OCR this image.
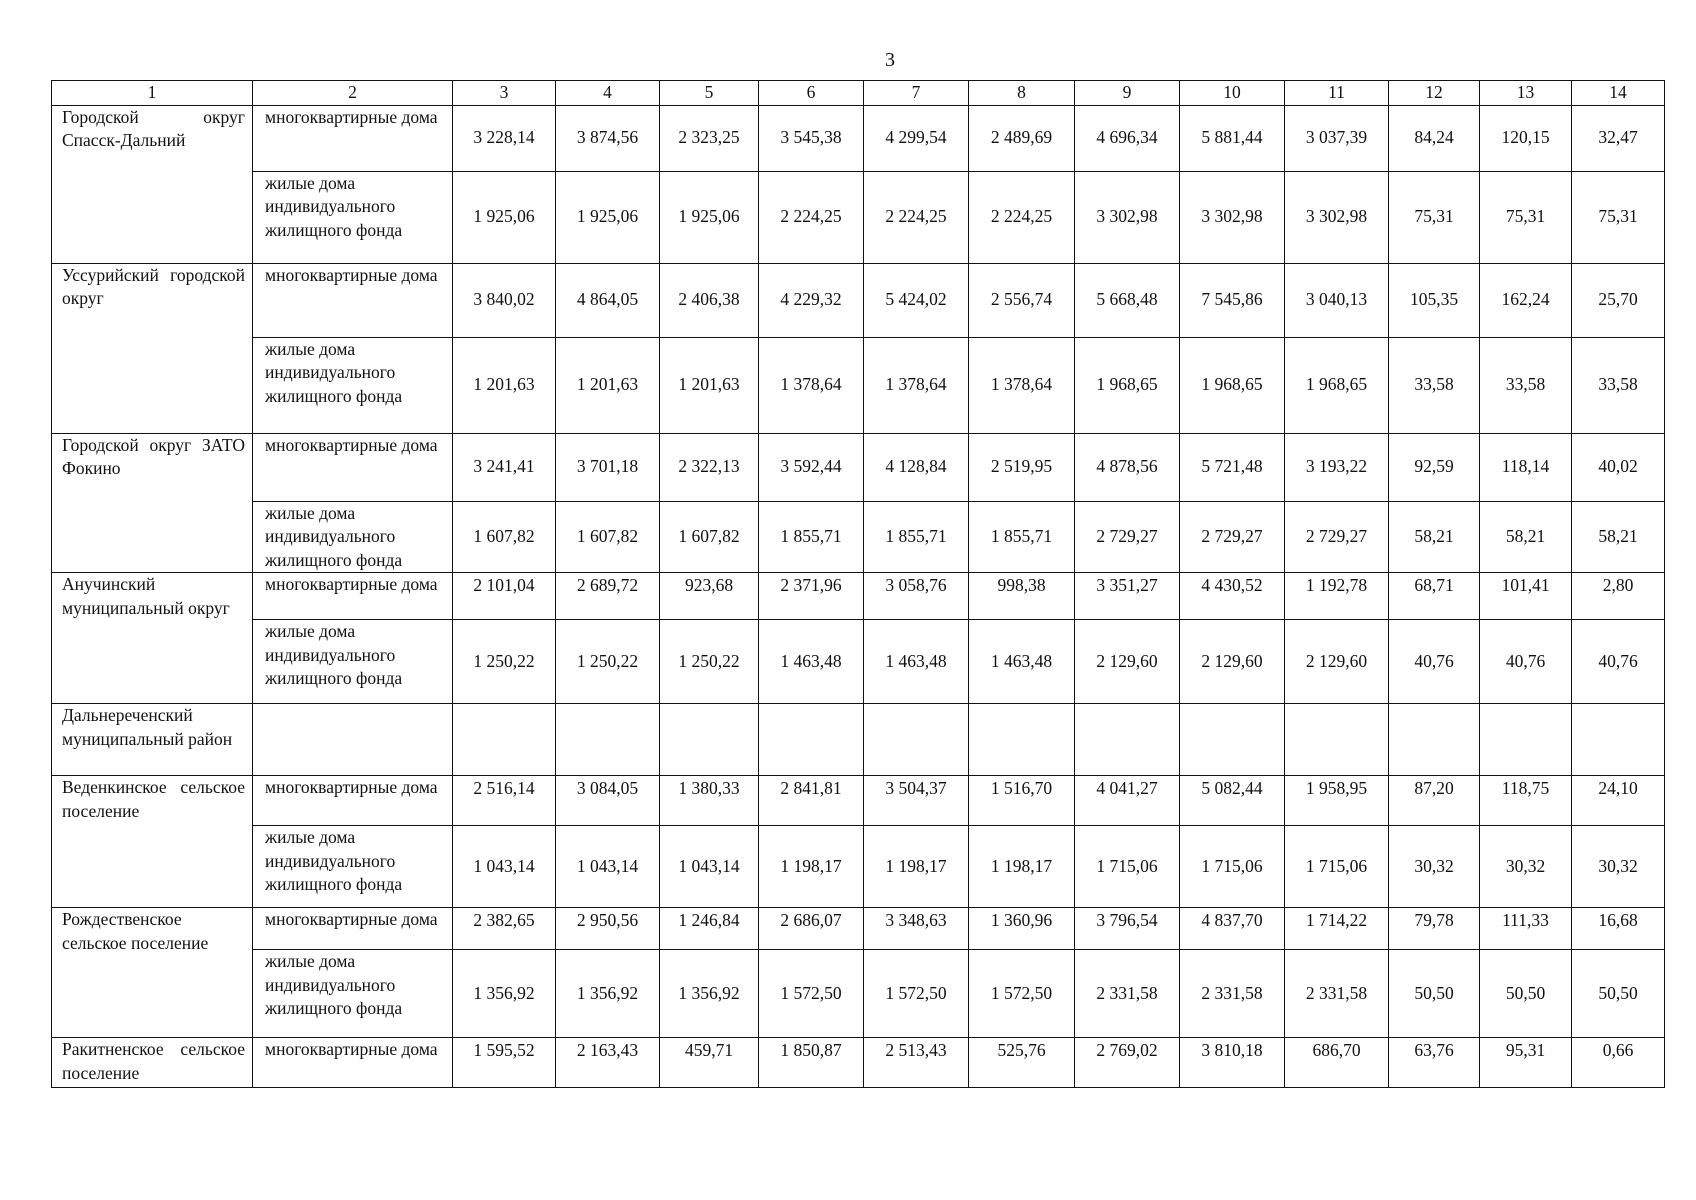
3
1	2	3	4	5	6	7	8	9	10	11	12	13	14
Городской округ Спасск-Дальний	многоквартирные дома	3 228,14	3 874,56	2 323,25	3 545,38	4 299,54	2 489,69	4 696,34	5 881,44	3 037,39	84,24	120,15	32,47
	жилые дома индивидуального жилищного фонда	1 925,06	1 925,06	1 925,06	2 224,25	2 224,25	2 224,25	3 302,98	3 302,98	3 302,98	75,31	75,31	75,31
Уссурийский городской округ	многоквартирные дома	3 840,02	4 864,05	2 406,38	4 229,32	5 424,02	2 556,74	5 668,48	7 545,86	3 040,13	105,35	162,24	25,70
	жилые дома индивидуального жилищного фонда	1 201,63	1 201,63	1 201,63	1 378,64	1 378,64	1 378,64	1 968,65	1 968,65	1 968,65	33,58	33,58	33,58
Городской округ ЗАТО Фокино	многоквартирные дома	3 241,41	3 701,18	2 322,13	3 592,44	4 128,84	2 519,95	4 878,56	5 721,48	3 193,22	92,59	118,14	40,02
	жилые дома индивидуального жилищного фонда	1 607,82	1 607,82	1 607,82	1 855,71	1 855,71	1 855,71	2 729,27	2 729,27	2 729,27	58,21	58,21	58,21
Анучинский муниципальный округ	многоквартирные дома	2 101,04	2 689,72	923,68	2 371,96	3 058,76	998,38	3 351,27	4 430,52	1 192,78	68,71	101,41	2,80
	жилые дома индивидуального жилищного фонда	1 250,22	1 250,22	1 250,22	1 463,48	1 463,48	1 463,48	2 129,60	2 129,60	2 129,60	40,76	40,76	40,76
Дальнереченский муниципальный район													
Веденкинское сельское поселение	многоквартирные дома	2 516,14	3 084,05	1 380,33	2 841,81	3 504,37	1 516,70	4 041,27	5 082,44	1 958,95	87,20	118,75	24,10
	жилые дома индивидуального жилищного фонда	1 043,14	1 043,14	1 043,14	1 198,17	1 198,17	1 198,17	1 715,06	1 715,06	1 715,06	30,32	30,32	30,32
Рождественское сельское поселение	многоквартирные дома	2 382,65	2 950,56	1 246,84	2 686,07	3 348,63	1 360,96	3 796,54	4 837,70	1 714,22	79,78	111,33	16,68
	жилые дома индивидуального жилищного фонда	1 356,92	1 356,92	1 356,92	1 572,50	1 572,50	1 572,50	2 331,58	2 331,58	2 331,58	50,50	50,50	50,50
Ракитненское сельское поселение	многоквартирные дома	1 595,52	2 163,43	459,71	1 850,87	2 513,43	525,76	2 769,02	3 810,18	686,70	63,76	95,31	0,66
